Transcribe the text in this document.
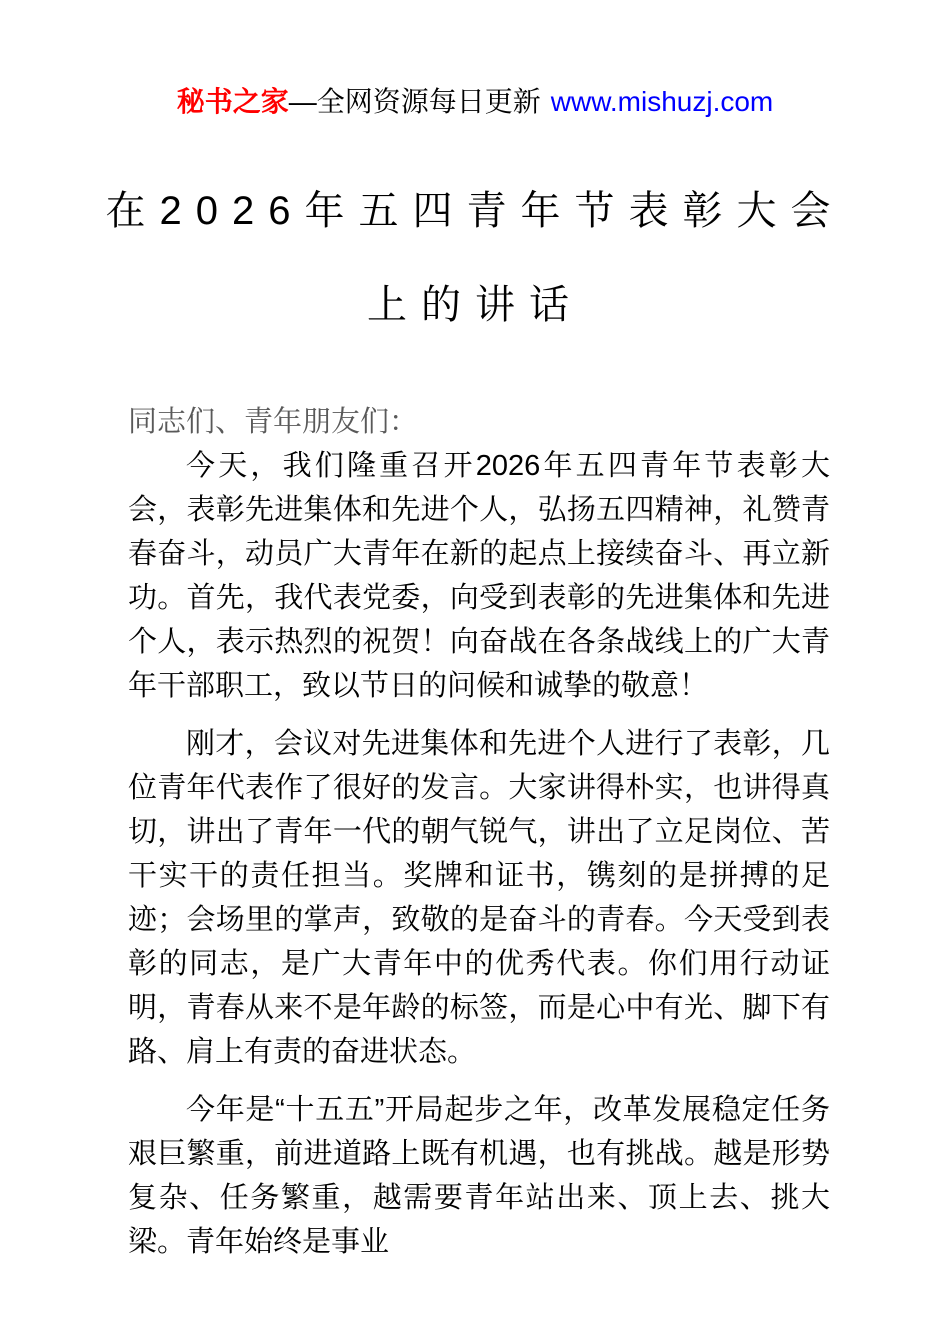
秘书之家—全网资源每日更新 www.mishuzj.com
在2026年五四青年节表彰大会
上的讲话
同志们、青年朋友们：

今天，我们隆重召开2026年五四青年节表彰大会，表彰先进集体和先进个人，弘扬五四精神，礼赞青春奋斗，动员广大青年在新的起点上接续奋斗、再立新功。首先，我代表党委，向受到表彰的先进集体和先进个人，表示热烈的祝贺！向奋战在各条战线上的广大青年干部职工，致以节日的问候和诚挚的敬意！

刚才，会议对先进集体和先进个人进行了表彰，几位青年代表作了很好的发言。大家讲得朴实，也讲得真切，讲出了青年一代的朝气锐气，讲出了立足岗位、苦干实干的责任担当。奖牌和证书，镌刻的是拼搏的足迹；会场里的掌声，致敬的是奋斗的青春。今天受到表彰的同志，是广大青年中的优秀代表。你们用行动证明，青春从来不是年龄的标签，而是心中有光、脚下有路、肩上有责的奋进状态。

今年是“十五五”开局起步之年，改革发展稳定任务艰巨繁重，前进道路上既有机遇，也有挑战。越是形势复杂、任务繁重，越需要青年站出来、顶上去、挑大梁。青年始终是事业
